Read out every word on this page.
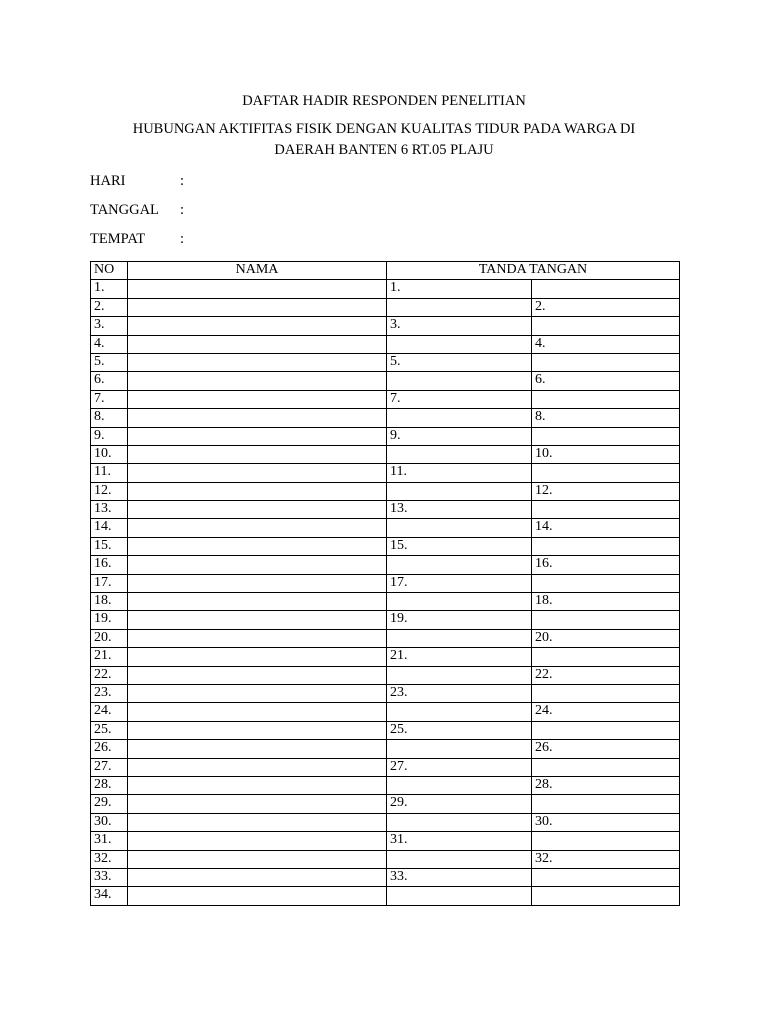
DAFTAR HADIR RESPONDEN PENELITIAN
HUBUNGAN AKTIFITAS FISIK DENGAN KUALITAS TIDUR PADA WARGA DI
DAERAH BANTEN 6 RT.05 PLAJU
HARI	:
TANGGAL :
TEMPAT :
NO	NAMA	TANDA TANGAN	
1.		1.	
2.			2.
3.		3.	
4.			4.
5.		5.	
6.			6.
7.		7.	
8.			8.
9.		9.	
10.			10.
11.		11.	
12.			12.
13.		13.	
14.			14.
15.		15.	
16.			16.
17.		17.	
18.			18.
19.		19.	
20.			20.
21.		21.	
22.			22.
23.		23.	
24.			24.
25.		25.	
26.			26.
27.		27.	
28.			28.
29.		29.	
30.			30.
31.		31.	
32.			32.
33.		33.	
34.			
